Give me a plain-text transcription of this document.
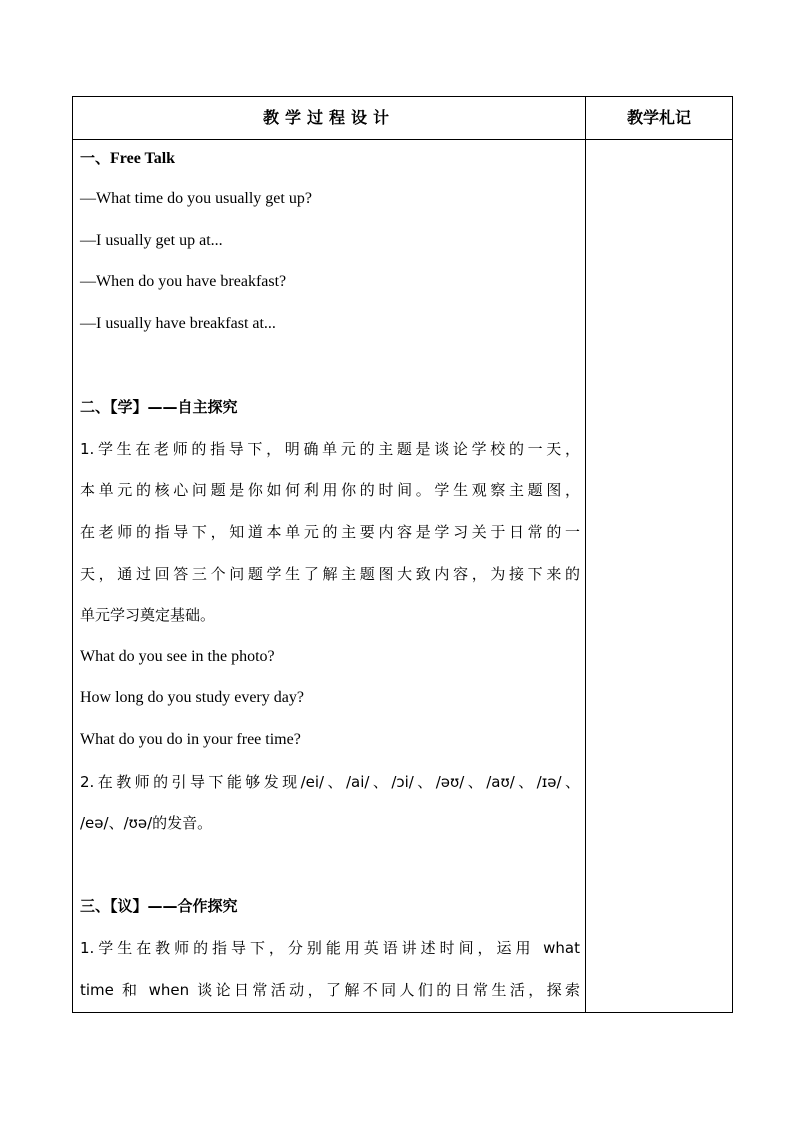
教学过程设计	教学札记
一、Free Talk
—What time do you usually get up?
—I usually get up at...
—When do you have breakfast?
—I usually have breakfast at...
二、【学】——自主探究
1.学生在老师的指导下，明确单元的主题是谈论学校的一天，
本单元的核心问题是你如何利用你的时间。学生观察主题图，
在老师的指导下，知道本单元的主要内容是学习关于日常的一
天，通过回答三个问题学生了解主题图大致内容，为接下来的
单元学习奠定基础。
What do you see in the photo?
How long do you study every day?
What do you do in your free time?
2.在教师的引导下能够发现/ei/、/ai/、/ɔi/、/əʊ/、/aʊ/、/ɪə/、
/eə/、/ʊə/的发音。
三、【议】——合作探究
1.学生在教师的指导下，分别能用英语讲述时间，运用 what
time 和 when 谈论日常活动，了解不同人们的日常生活，探索
